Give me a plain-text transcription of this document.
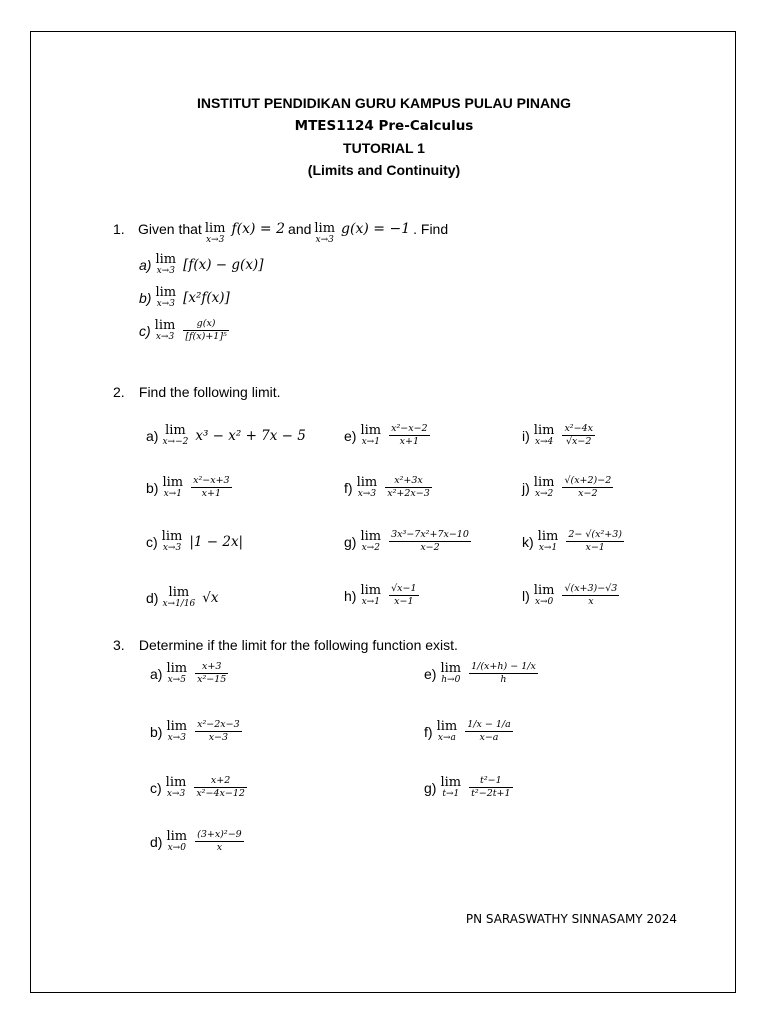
INSTITUT PENDIDIKAN GURU KAMPUS PULAU PINANG
MTES1124 Pre-Calculus
TUTORIAL 1
(Limits and Continuity)
1. Given that lim
x→3
f(x) = 2 and lim
x→3
g(x) = −1 . Find
a) lim
x→3 [f(x) − g(x)]
b) lim
x→3 [x²f(x)]
c) lim
$x\to 3 \frac{g(x)}{\text{[f(x)+1]⁵}}$
2. Find the following limit.
a) lim
x→−2 x³ − x² + 7x − 5
b) lim
$x\to 1 \frac{\text{x²−x+3}}{x+1}$
c) lim
x→3 |1 − 2x|
d) lim
x→1/16 √x
e) lim
$x\to 1 \frac{\text{x²−x−2}}{x+1}$
f) lim
$x\to 3 \frac{\text{x²+3x}}{\text{x²+2x−3}}$
g) lim
$x\to 2 \frac{\text{3x³−7x²+7x−10}}{x-2}$
h) lim
$x\to 1 \frac{√x-1}{x-1}$
i) lim
$x\to 4 \frac{\text{x²−4x}}{√x-2}$
j) lim
$x\to 2 \frac{√(x+2)-2}{x-2}$
k) lim
$x\to 1 \frac{\text{2− √(x²+3)}}{x-1}$
l) lim
$x\to 0 \frac{√(x+3)-√3}{x}$
3. Determine if the limit for the following function exist.
a) lim
$x\to 5 \frac{x+3}{\text{x²−15}}$
b) lim
$x\to 3 \frac{\text{x²−2x−3}}{x-3}$
c) lim
$x\to 3 \frac{x+2}{\text{x²−4x−12}}$
d) lim
$x\to 0 \frac{\text{(3+x)²−9}}{x}$
e) lim
$h\to 0 \frac{1/(x+h) - 1/x}{h}$
f) lim
$x\to a \frac{1/x - 1/a}{x-a}$
g) lim
$t\to 1 \frac{\text{t²−1}}{\text{t²−2t+1}}$
PN SARASWATHY SINNASAMY 2024
